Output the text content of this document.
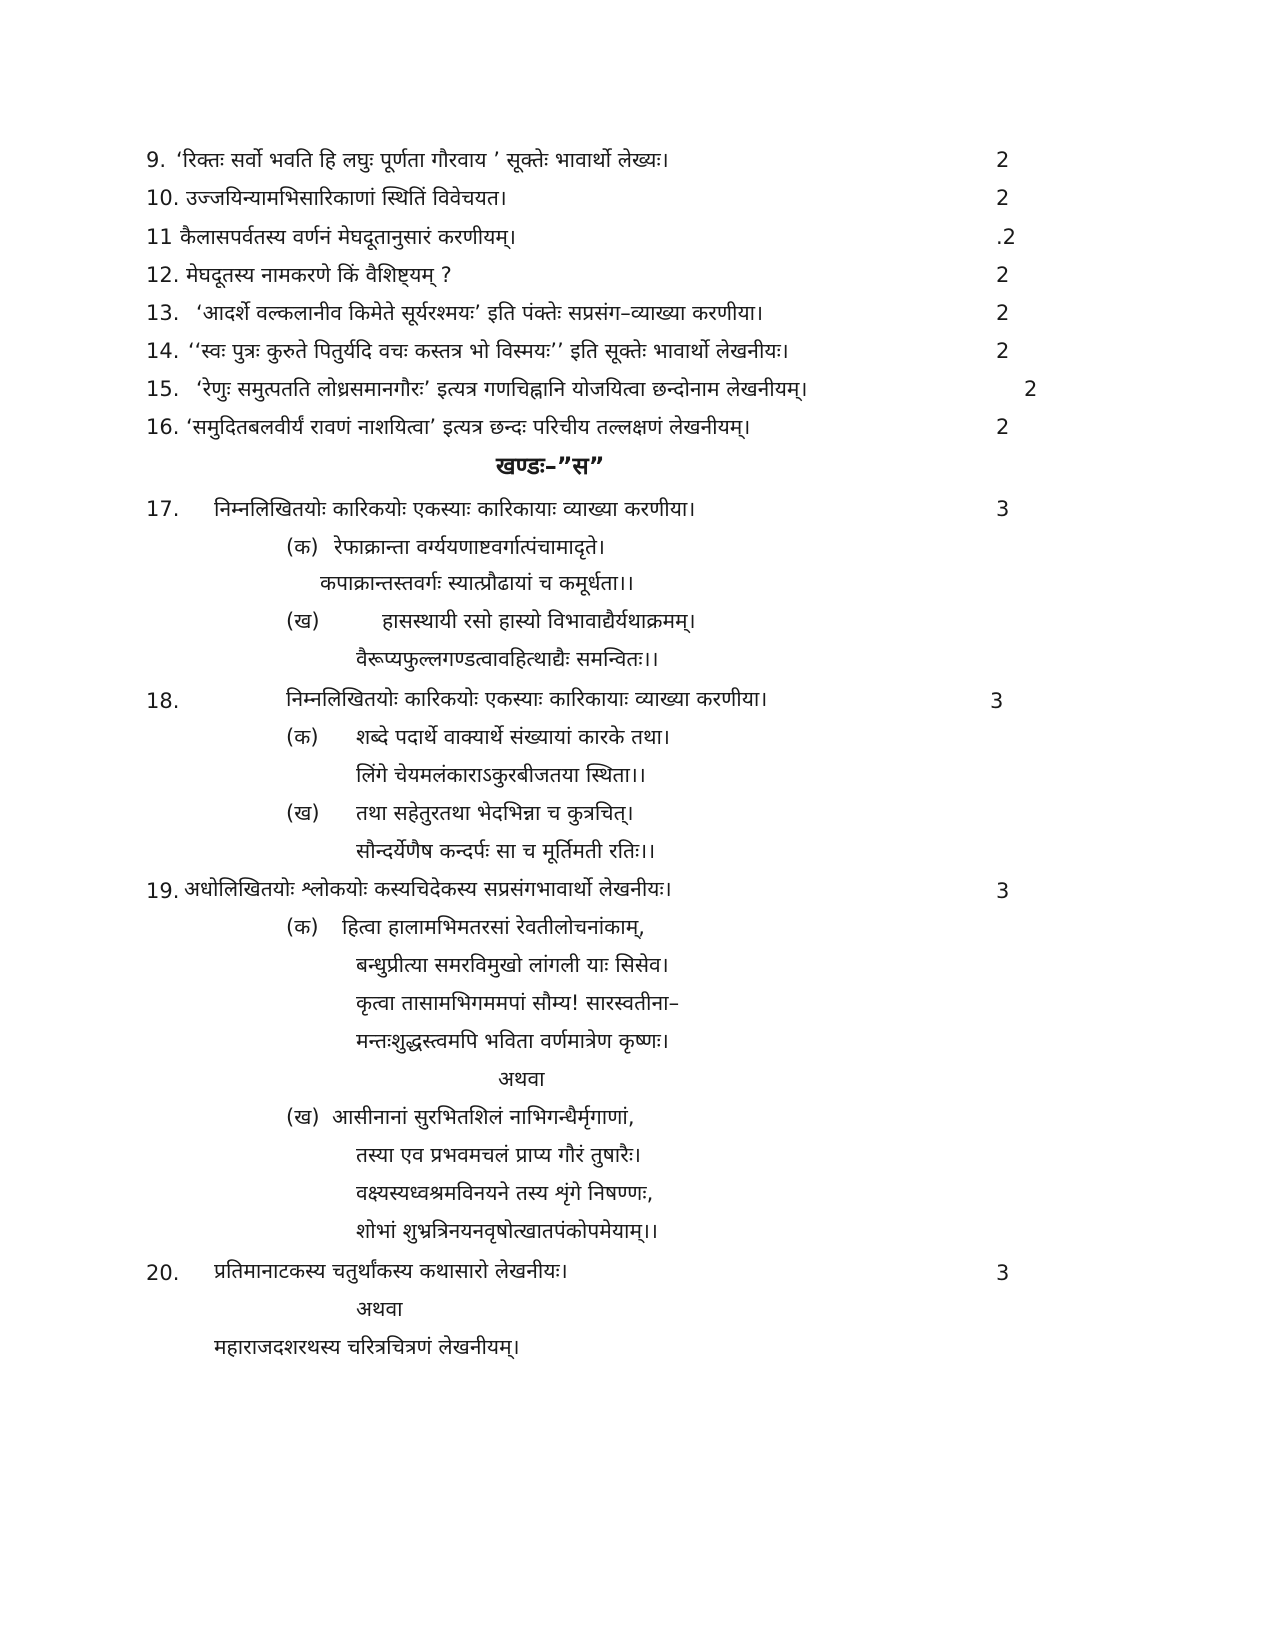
9. ‘रिक्तः सर्वो भवति हि लघुः पूर्णता गौरवाय ’ सूक्तेः भावार्थो लेख्यः।	2
10. उज्जयिन्यामभिसारिकाणां स्थितिं विवेचयत।	2
11 कैलासपर्वतस्य वर्णनं मेघदूतानुसारं करणीयम्।	.2
12. मेघदूतस्य नामकरणे किं वैशिष्ट्यम् ?	2
13. ‘आदर्शे वल्कलानीव किमेते सूर्यरश्मयः’ इति पंक्तेः सप्रसंग–व्याख्या करणीया।	2
14. ‘‘स्वः पुत्रः कुरुते पितुर्यदि वचः कस्तत्र भो विस्मयः’’ इति सूक्तेः भावार्थो लेखनीयः।	2
15. ‘रेणुः समुत्पतति लोध्रसमानगौरः’ इत्यत्र गणचिह्नानि योजयित्वा छन्दोनाम लेखनीयम्।	2
16. ‘समुदितबलवीर्यं रावणं नाशयित्वा’ इत्यत्र छन्दः परिचीय तल्लक्षणं लेखनीयम्।	2
खण्डः–”स”
17. निम्नलिखितयोः कारिकयोः एकस्याः कारिकायाः व्याख्या करणीया।	3
(क) रेफाक्रान्ता वर्ग्ययणाष्टवर्गात्पंचामादृते।
कपाक्रान्तस्तवर्गः स्यात्प्रौढायां च कमूर्धता।।
(ख)	हासस्थायी रसो हास्यो विभावाद्यैर्यथाक्रमम्।
वैरूप्यफुल्लगण्डत्वावहित्थाद्यैः समन्वितः।।
18.	निम्नलिखितयोः कारिकयोः एकस्याः कारिकायाः व्याख्या करणीया।	3
(क) शब्दे पदार्थे वाक्यार्थे संख्यायां कारके तथा।
लिंगे चेयमलंकाराऽकुरबीजतया स्थिता।।
(ख) तथा सहेतुरतथा भेदभिन्ना च कुत्रचित्।
सौन्दर्येणैष कन्दर्पः सा च मूर्तिमती रतिः।।
19. अधोलिखितयोः श्लोकयोः कस्यचिदेकस्य सप्रसंगभावार्थो लेखनीयः।	3
(क) हित्वा हालामभिमतरसां रेवतीलोचनांकाम्,
बन्धुप्रीत्या समरविमुखो लांगली याः सिसेव।
कृत्वा तासामभिगममपां सौम्य! सारस्वतीना–
मन्तःशुद्धस्त्वमपि भविता वर्णमात्रेण कृष्णः।
अथवा
(ख) आसीनानां सुरभितशिलं नाभिगन्धैर्मृगाणां,
तस्या एव प्रभवमचलं प्राप्य गौरं तुषारैः।
वक्ष्यस्यध्वश्रमविनयने तस्य शृंगे निषण्णः,
शोभां शुभ्रत्रिनयनवृषोत्खातपंकोपमेयाम्।।
20. प्रतिमानाटकस्य चतुर्थांकस्य कथासारो लेखनीयः।	3
अथवा
महाराजदशरथस्य चरित्रचित्रणं लेखनीयम्।
